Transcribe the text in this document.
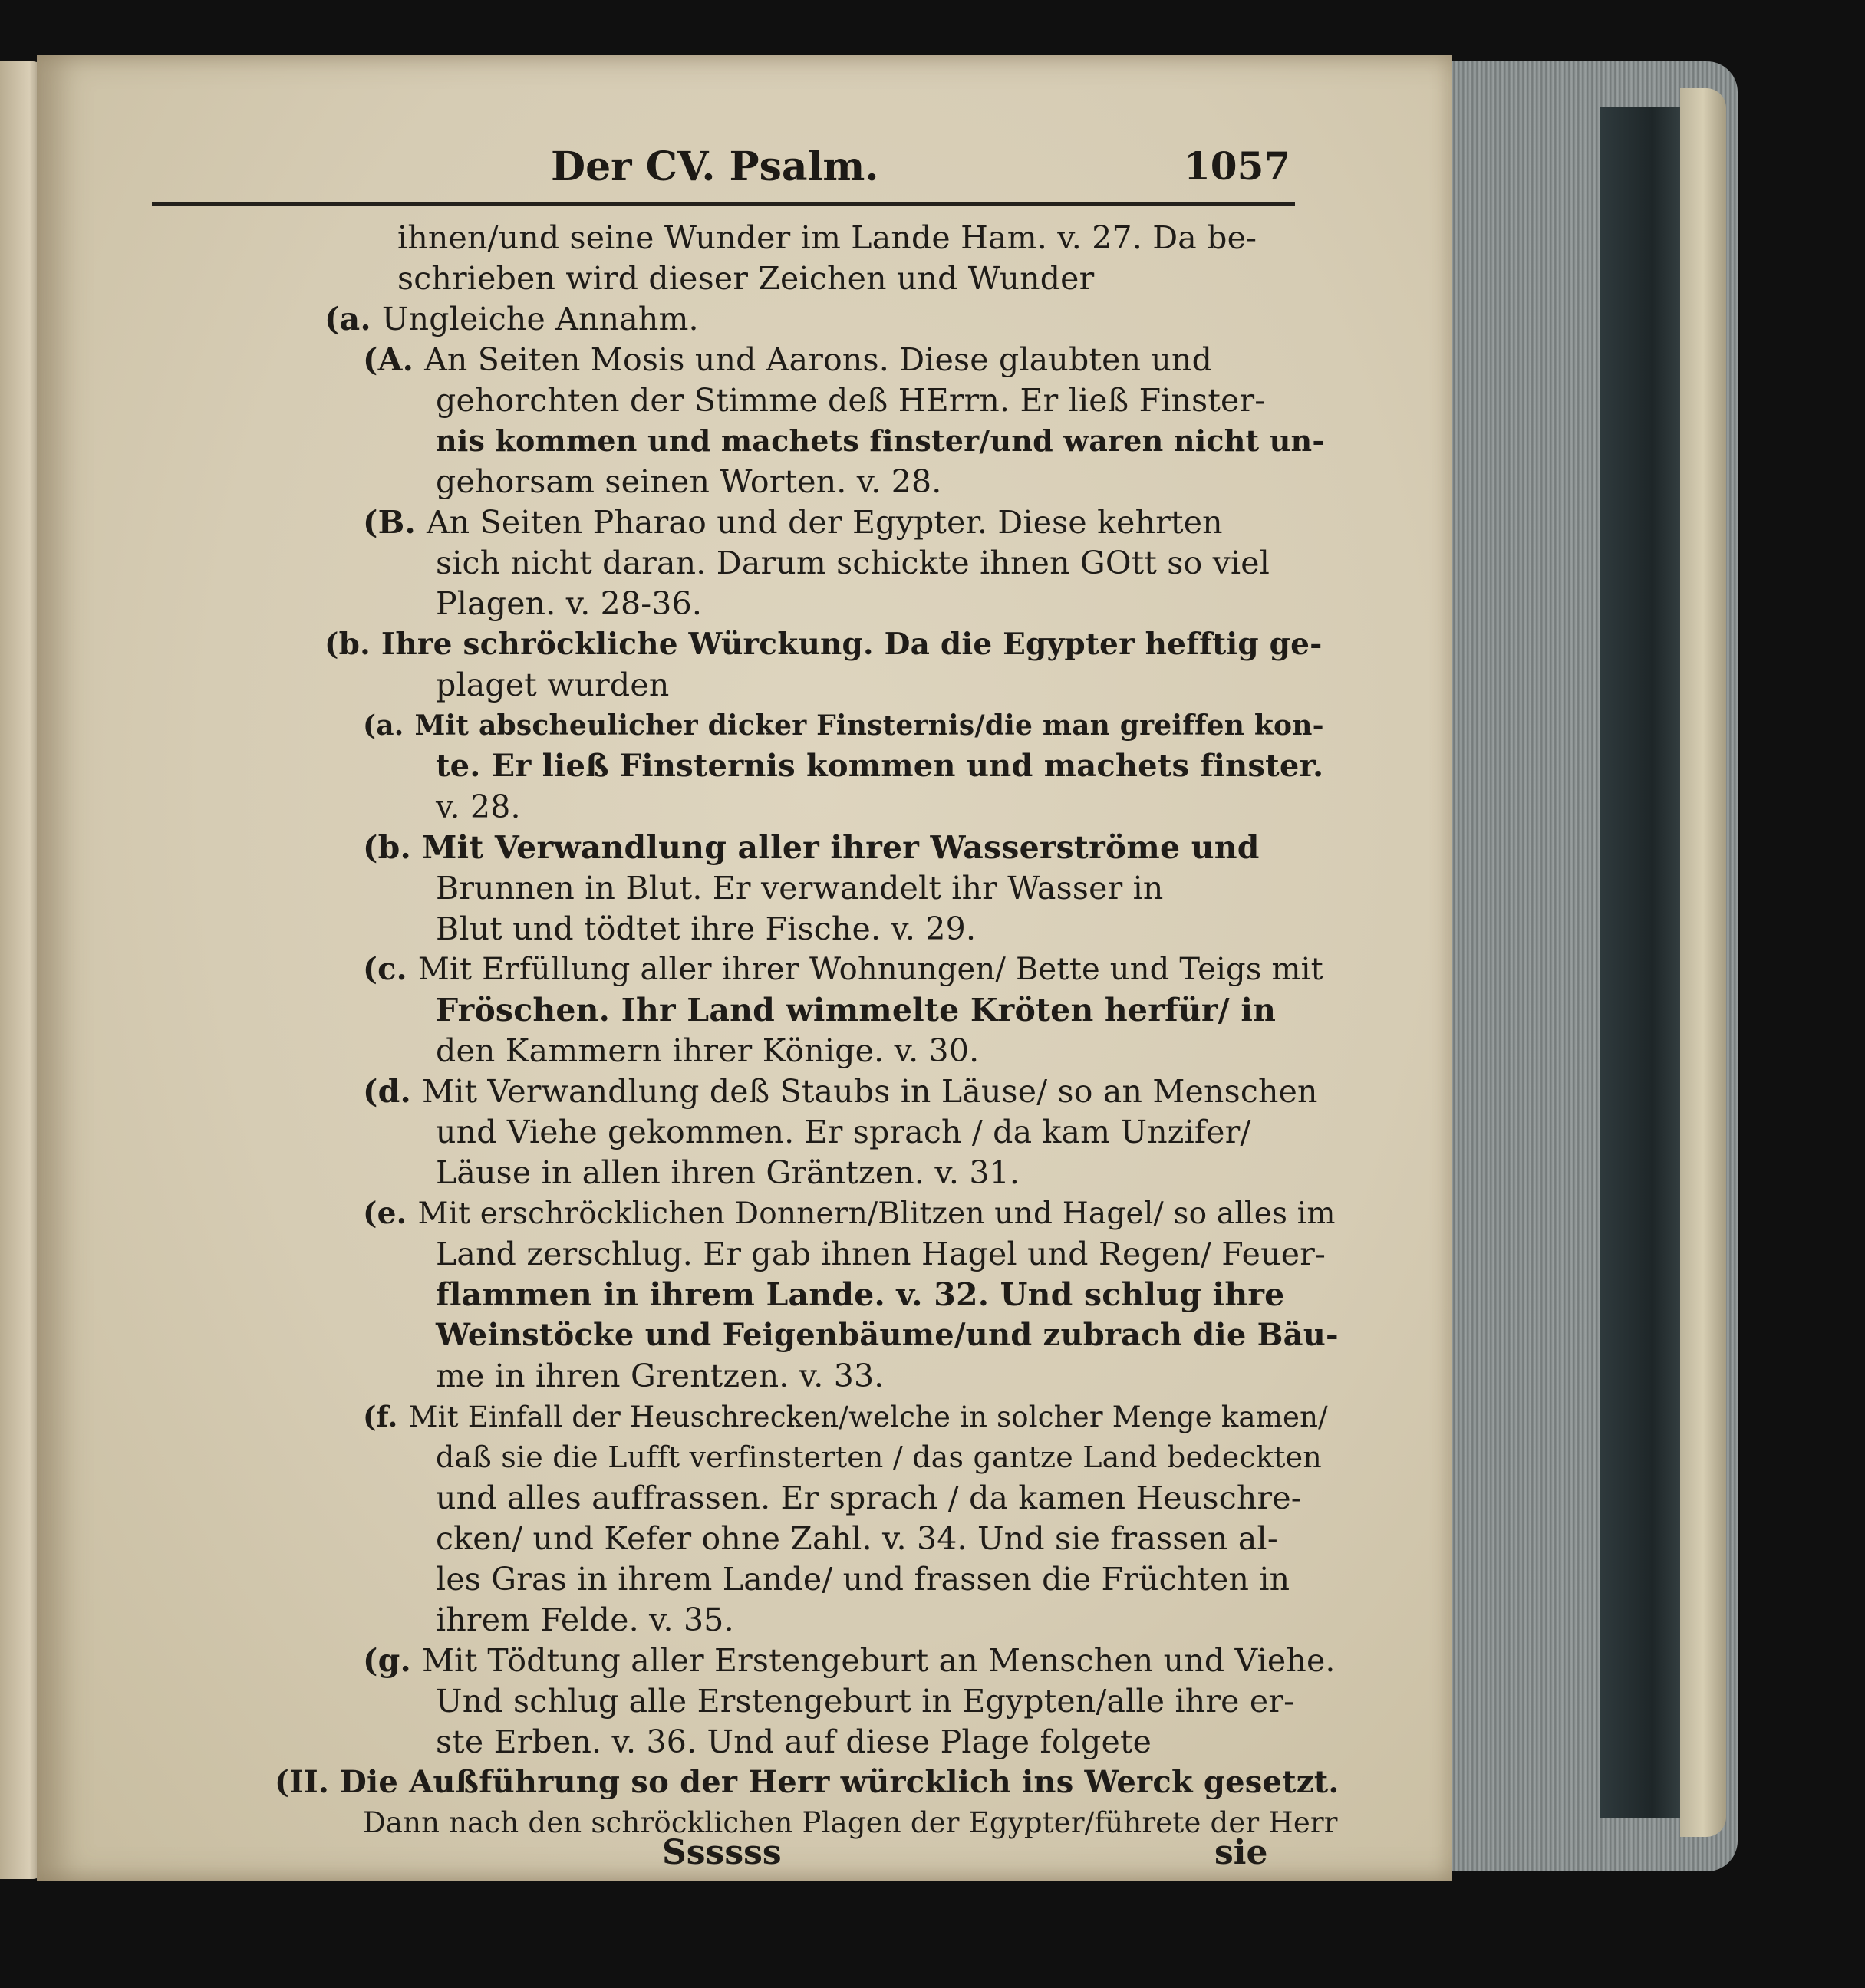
Der CV. Psalm.	1057
ihnen/und seine Wunder im Lande Ham. v. 27. Da be-
schrieben wird dieser Zeichen und Wunder
(a. Ungleiche Annahm.
(A. An Seiten Mosis und Aarons. Diese glaubten und
gehorchten der Stimme deß HErrn. Er ließ Finster-
nis kommen und machets finster/und waren nicht un-
gehorsam seinen Worten. v. 28.
(B. An Seiten Pharao und der Egypter. Diese kehrten
sich nicht daran. Darum schickte ihnen GOtt so viel
Plagen. v. 28-36.
(b. Ihre schröckliche Würckung. Da die Egypter hefftig ge-
plaget wurden
(a. Mit abscheulicher dicker Finsternis/die man greiffen kon-
te. Er ließ Finsternis kommen und machets finster.
v. 28.
(b. Mit Verwandlung aller ihrer Wasserströme und
Brunnen in Blut. Er verwandelt ihr Wasser in
Blut und tödtet ihre Fische. v. 29.
(c. Mit Erfüllung aller ihrer Wohnungen/ Bette und Teigs mit
Fröschen. Ihr Land wimmelte Kröten herfür/ in
den Kammern ihrer Könige. v. 30.
(d. Mit Verwandlung deß Staubs in Läuse/ so an Menschen
und Viehe gekommen. Er sprach / da kam Unzifer/
Läuse in allen ihren Gräntzen. v. 31.
(e. Mit erschröcklichen Donnern/Blitzen und Hagel/ so alles im
Land zerschlug. Er gab ihnen Hagel und Regen/ Feuer-
flammen in ihrem Lande. v. 32. Und schlug ihre
Weinstöcke und Feigenbäume/und zubrach die Bäu-
me in ihren Grentzen. v. 33.
(f. Mit Einfall der Heuschrecken/welche in solcher Menge kamen/
daß sie die Lufft verfinsterten / das gantze Land bedeckten
und alles auffrassen. Er sprach / da kamen Heuschre-
cken/ und Kefer ohne Zahl. v. 34. Und sie frassen al-
les Gras in ihrem Lande/ und frassen die Früchten in
ihrem Felde. v. 35.
(g. Mit Tödtung aller Erstengeburt an Menschen und Viehe.
Und schlug alle Erstengeburt in Egypten/alle ihre er-
ste Erben. v. 36. Und auf diese Plage folgete
(II. Die Außführung so der Herr würcklich ins Werck gesetzt.
Dann nach den schröcklichen Plagen der Egypter/führete der Herr
Ssssss	sie
